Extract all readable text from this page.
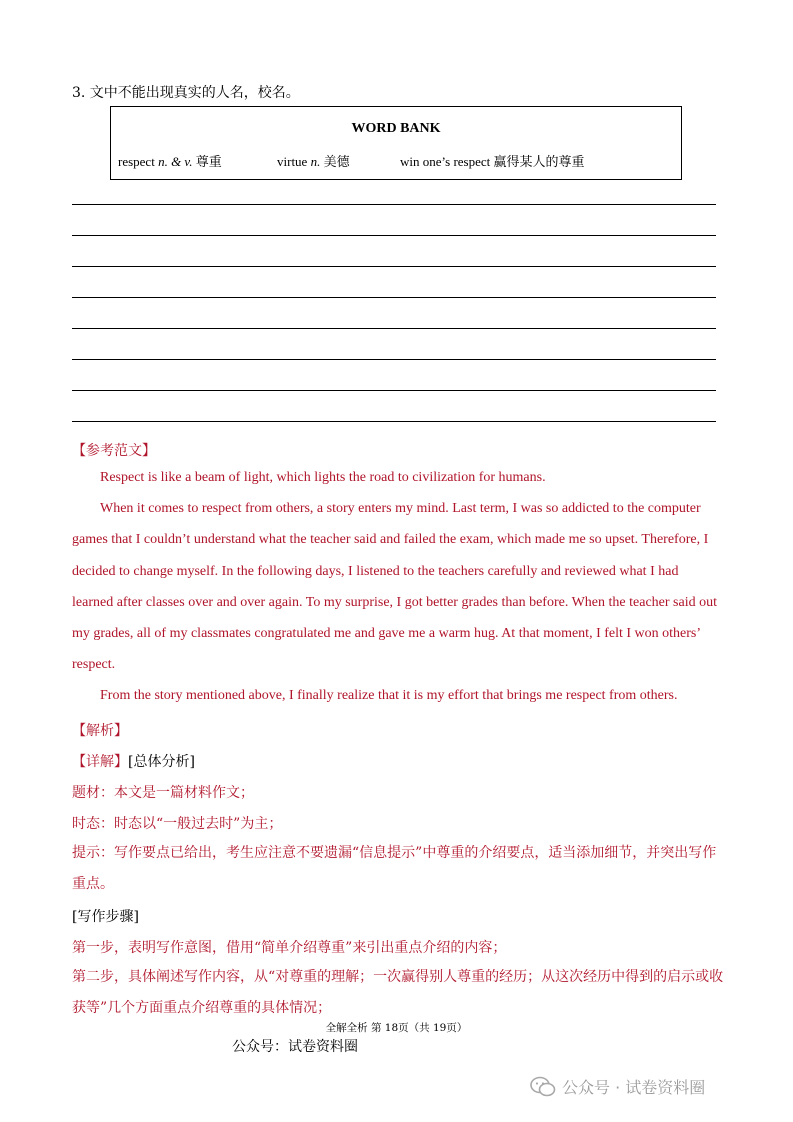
3. 文中不能出现真实的人名，校名。
WORD BANK
respect n. & v. 尊重	virtue n. 美德	win one’s respect 赢得某人的尊重
【参考范文】

Respect is like a beam of light, which lights the road to civilization for humans.

When it comes to respect from others, a story enters my mind. Last term, I was so addicted to the computer games that I couldn’t understand what the teacher said and failed the exam, which made me so upset. Therefore, I decided to change myself. In the following days, I listened to the teachers carefully and reviewed what I had learned after classes over and over again. To my surprise, I got better grades than before. When the teacher said out my grades, all of my classmates congratulated me and gave me a warm hug. At that moment, I felt I won others’ respect.

From the story mentioned above, I finally realize that it is my effort that brings me respect from others.

【解析】
【详解】[总体分析]
题材：本文是一篇材料作文；
时态：时态以“一般过去时”为主；
提示：写作要点已给出，考生应注意不要遗漏“信息提示”中尊重的介绍要点，适当添加细节，并突出写作重点。
[写作步骤]
第一步，表明写作意图，借用“简单介绍尊重”来引出重点介绍的内容；
第二步，具体阐述写作内容，从“对尊重的理解；一次赢得别人尊重的经历；从这次经历中得到的启示或收获等”几个方面重点介绍尊重的具体情况；
全解全析 第 18页（共 19页）
公众号：试卷资料圈
公众号 · 试卷资料圈
